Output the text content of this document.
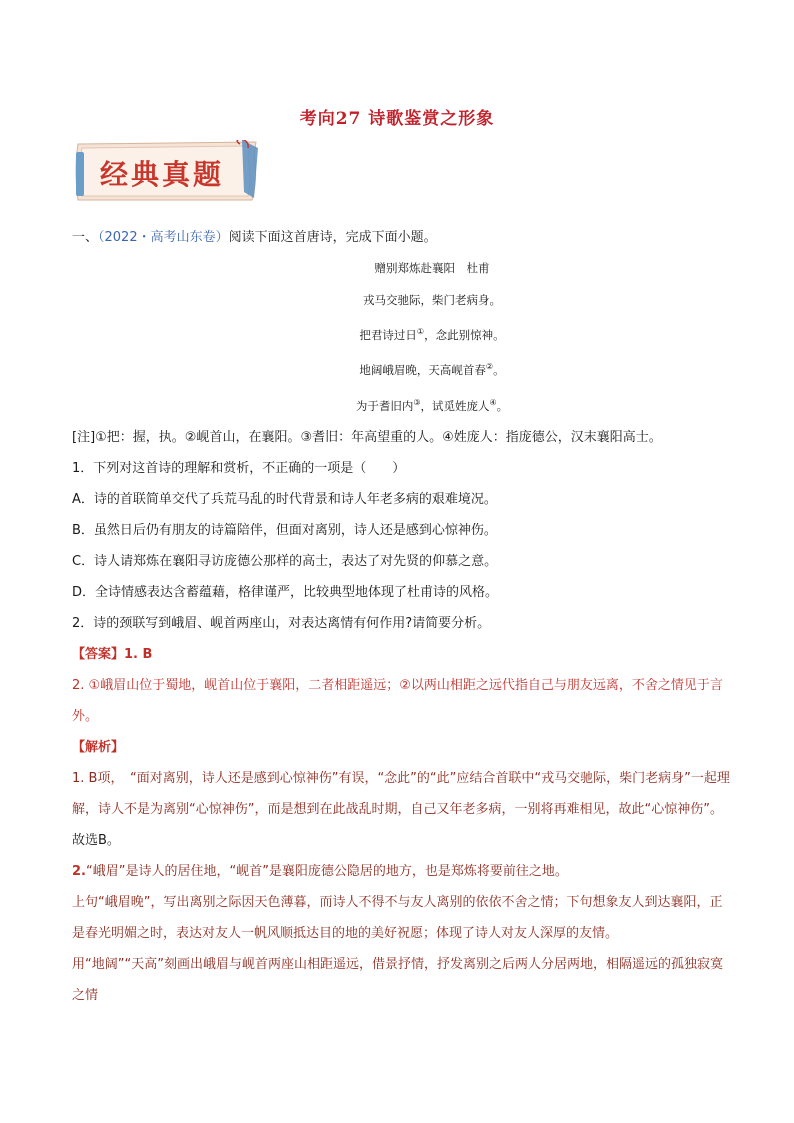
考向27 诗歌鉴赏之形象
经典真题

一、（2022・高考山东卷）阅读下面这首唐诗，完成下面小题。

赠别郑炼赴襄阳　杜甫
戎马交驰际，柴门老病身。
把君诗过日①，念此别惊神。
地阔峨眉晚，天高岘首春②。
为于耆旧内③，试觅姓庞人④。

[注]①把：握，执。②岘首山，在襄阳。③耆旧：年高望重的人。④姓庞人：指庞德公，汉末襄阳高士。

1．下列对这首诗的理解和赏析，不正确的一项是（　　）

A．诗的首联简单交代了兵荒马乱的时代背景和诗人年老多病的艰难境况。

B．虽然日后仍有朋友的诗篇陪伴，但面对离别，诗人还是感到心惊神伤。

C．诗人请郑炼在襄阳寻访庞德公那样的高士，表达了对先贤的仰慕之意。

D．全诗情感表达含蓄蕴藉，格律谨严，比较典型地体现了杜甫诗的风格。

2．诗的颈联写到峨眉、岘首两座山，对表达离情有何作用?请简要分析。

【答案】1. B

2. ①峨眉山位于蜀地，岘首山位于襄阳，二者相距遥远；②以两山相距之远代指自己与朋友远离，不舍之情见于言外。

【解析】

1. B项，　“面对离别，诗人还是感到心惊神伤”有误，“念此”的“此”应结合首联中“戎马交驰际，柴门老病身”一起理解，诗人不是为离别“心惊神伤”，而是想到在此战乱时期，自己又年老多病，一别将再难相见，故此“心惊神伤”。

故选B。

2.“峨眉”是诗人的居住地，“岘首”是襄阳庞德公隐居的地方，也是郑炼将要前往之地。

上句“峨眉晚”，写出离别之际因天色薄暮，而诗人不得不与友人离别的依依不舍之情；下句想象友人到达襄阳，正是春光明媚之时，表达对友人一帆风顺抵达目的地的美好祝愿；体现了诗人对友人深厚的友情。

用“地阔”“天高”刻画出峨眉与岘首两座山相距遥远，借景抒情，抒发离别之后两人分居两地，相隔遥远的孤独寂寞之情
